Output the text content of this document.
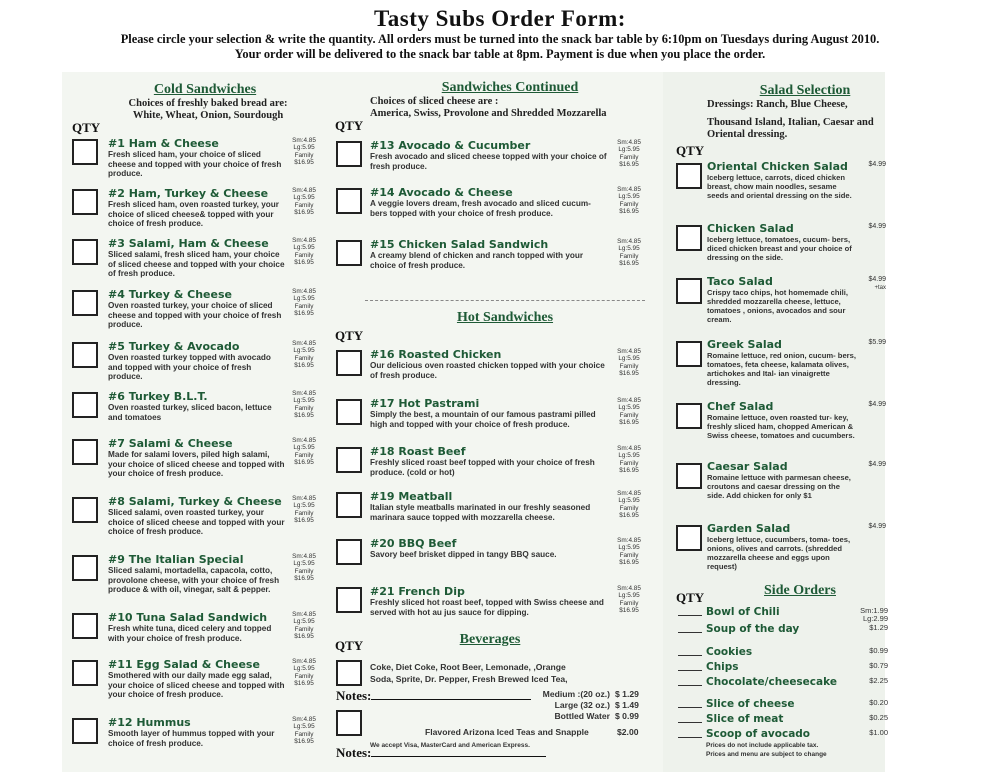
Tasty Subs Order Form:
Please circle your selection & write the quantity. All orders must be turned into the snack bar table by 6:10pm on Tuesdays during August 2010.
Your order will be delivered to the snack bar table at 8pm. Payment is due when you place the order.
Cold Sandwiches
Choices of freshly baked bread are:
White, Wheat, Onion, Sourdough
QTY
Sandwiches Continued
Choices of sliced cheese are :
America, Swiss, Provolone and Shredded Mozzarella
QTY
Hot Sandwiches
QTY
Beverages
QTY
Coke, Diet Coke, Root Beer, Lemonade, ,Orange
Soda, Sprite, Dr. Pepper, Fresh Brewed Iced Tea,
Medium :(20 oz.) $ 1.29
Large (32 oz.) $ 1.49
Bottled Water $ 0.99
Notes:
Flavored Arizona Iced Teas and Snapple	$2.00
We accept Visa, MasterCard and American Express.
Notes:
Salad Selection
Dressings: Ranch, Blue Cheese,
Thousand Island, Italian, Caesar and Oriental dressing.
QTY
+tax
Side Orders
QTY
Prices do not include applicable tax.
Prices and menu are subject to change
#1 Ham & Cheese
Fresh sliced ham, your choice of sliced cheese and topped with your choice of fresh produce.
Sm:4.85
Lg:5.95
Family
$16.95
#2 Ham, Turkey & Cheese
Fresh sliced ham, oven roasted turkey, your choice of sliced cheese& topped with your choice of fresh produce.
Sm:4.85
Lg:5.95
Family
$16.95
#3 Salami, Ham & Cheese
Sliced salami, fresh sliced ham, your choice of sliced cheese and topped with your choice of fresh produce.
Sm:4.85
Lg:5.95
Family
$16.95
#4 Turkey & Cheese
Oven roasted turkey, your choice of sliced cheese and topped with your choice of fresh produce.
Sm:4.85
Lg:5.95
Family
$16.95
#5 Turkey & Avocado
Oven roasted turkey topped with avocado and topped with your choice of fresh produce.
Sm:4.85
Lg:5.95
Family
$16.95
#6 Turkey B.L.T.
Oven roasted turkey, sliced bacon, lettuce and tomatoes
Sm:4.85
Lg:5.95
Family
$16.95
#7 Salami & Cheese
Made for salami lovers, piled high salami, your choice of sliced cheese and topped with your choice of fresh produce.
Sm:4.85
Lg:5.95
Family
$16.95
#8 Salami, Turkey & Cheese
Sliced salami, oven roasted turkey, your choice of sliced cheese and topped with your choice of fresh produce.
Sm:4.85
Lg:5.95
Family
$16.95
#9 The Italian Special
Sliced salami, mortadella, capacola, cotto, provolone cheese, with your choice of fresh produce & with oil, vinegar, salt & pepper.
Sm:4.85
Lg:5.95
Family
$16.95
#10 Tuna Salad Sandwich
Fresh white tuna, diced celery and topped with your choice of fresh produce.
Sm:4.85
Lg:5.95
Family
$16.95
#11 Egg Salad & Cheese
Smothered with our daily made egg salad, your choice of sliced cheese and topped with your choice of fresh produce.
Sm:4.85
Lg:5.95
Family
$16.95
#12 Hummus
Smooth layer of hummus topped with your choice of fresh produce.
Sm:4.85
Lg:5.95
Family
$16.95
#13 Avocado & Cucumber
Fresh avocado and sliced cheese topped with your choice of fresh produce.
Sm:4.85
Lg:5.95
Family
$16.95
#14 Avocado & Cheese
A veggie lovers dream, fresh avocado and sliced cucum- bers topped with your choice of fresh produce.
Sm:4.85
Lg:5.95
Family
$16.95
#15 Chicken Salad Sandwich
A creamy blend of chicken and ranch topped with your choice of fresh produce.
Sm:4.85
Lg:5.95
Family
$16.95
#16 Roasted Chicken
Our delicious oven roasted chicken topped with your choice of fresh produce.
Sm:4.85
Lg:5.95
Family
$16.95
#17 Hot Pastrami
Simply the best, a mountain of our famous pastrami pilled high and topped with your choice of fresh produce.
Sm:4.85
Lg:5.95
Family
$16.95
#18 Roast Beef
Freshly sliced roast beef topped with your choice of fresh produce. (cold or hot)
Sm:4.85
Lg:5.95
Family
$16.95
#19 Meatball
Italian style meatballs marinated in our freshly seasoned marinara sauce topped with mozzarella cheese.
Sm:4.85
Lg:5.95
Family
$16.95
#20 BBQ Beef
Savory beef brisket dipped in tangy BBQ sauce.
Sm:4.85
Lg:5.95
Family
$16.95
#21 French Dip
Freshly sliced hot roast beef, topped with Swiss cheese and served with hot au jus sauce for dipping.
Sm:4.85
Lg:5.95
Family
$16.95
Oriental Chicken Salad
Iceberg lettuce, carrots, diced chicken breast, chow main noodles, sesame seeds and oriental dressing on the side.
$4.99
Chicken Salad
Iceberg lettuce, tomatoes, cucum- bers, diced chicken breast and your choice of dressing on the side.
$4.99
Taco Salad
Crispy taco chips, hot homemade chili, shredded mozzarella cheese, lettuce, tomatoes , onions, avocados and sour cream.
$4.99
Greek Salad
Romaine lettuce, red onion, cucum- bers, tomatoes, feta cheese, kalamata olives, artichokes and Ital- ian vinaigrette dressing.
$5.99
Chef Salad
Romaine lettuce, oven roasted tur- key, freshly sliced ham, chopped American & Swiss cheese, tomatoes and cucumbers.
$4.99
Caesar Salad
Romaine lettuce with parmesan cheese, croutons and caesar dressing on the side. Add chicken for only $1
$4.99
Garden Salad
Iceberg lettuce, cucumbers, toma- toes, onions, olives and carrots. (shredded mozzarella cheese and eggs upon request)
$4.99
Bowl of Chili	Sm:1.99 Lg:2.99
Soup of the day	$1.29
Cookies	$0.99
Chips	$0.79
Chocolate/cheesecake	$2.25
Slice of cheese	$0.20
Slice of meat	$0.25
Scoop of avocado	$1.00
